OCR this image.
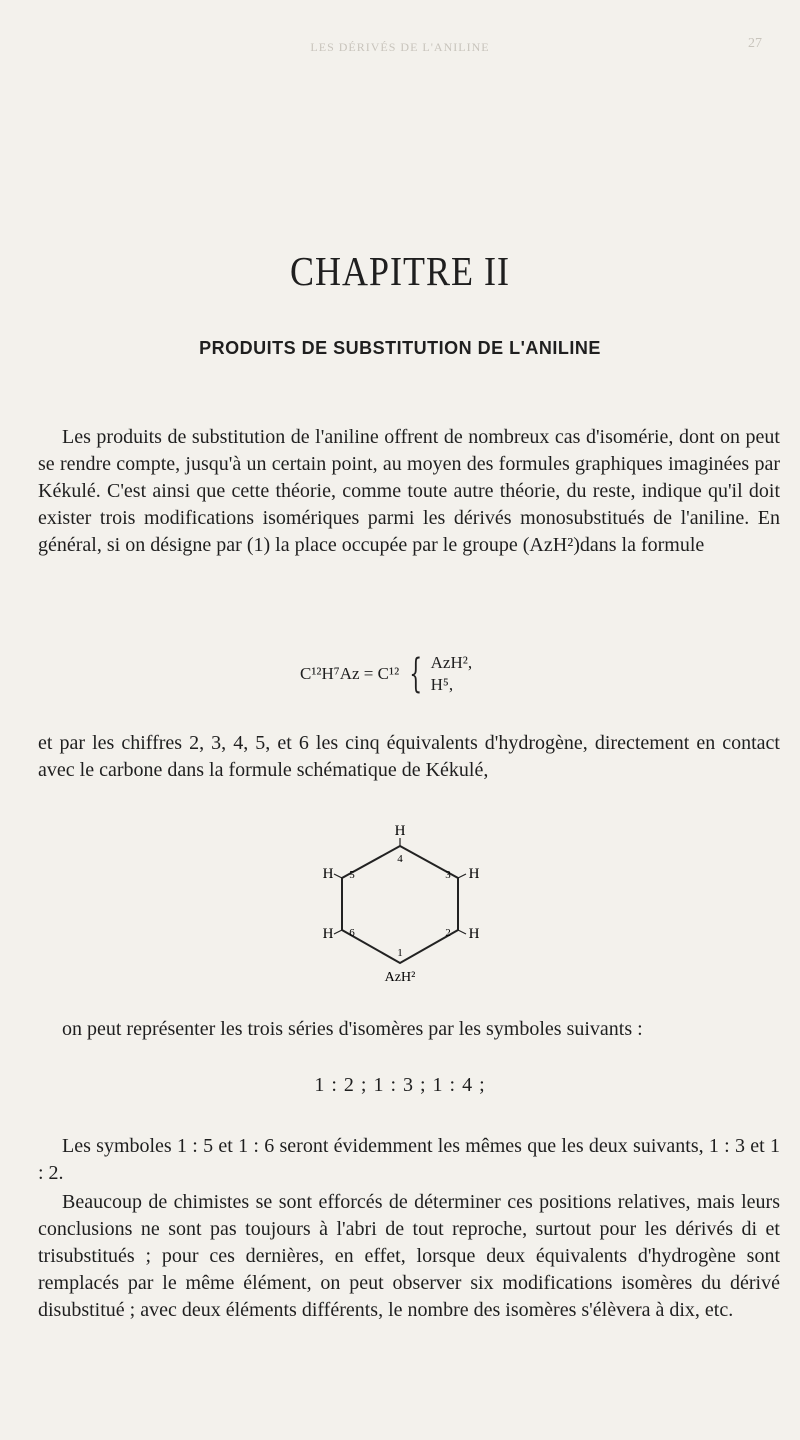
LES DÉRIVÉS DE L'ANILINE	27
CHAPITRE II
PRODUITS DE SUBSTITUTION DE L'ANILINE

Les produits de substitution de l'aniline offrent de nombreux cas d'isomérie, dont on peut se rendre compte, jusqu'à un certain point, au moyen des formules graphiques imaginées par Kékulé. C'est ainsi que cette théorie, comme toute autre théorie, du reste, indique qu'il doit exister trois modifications isomériques parmi les dérivés monosubstitués de l'aniline. En général, si on désigne par (1) la place occupée par le groupe (AzH²)dans la formule

C¹²H⁷Az = C¹² { AzH²,
H⁵,

et par les chiffres 2, 3, 4, 5, et 6 les cinq équivalents d'hydrogène, directement en contact avec le carbone dans la formule schématique de Kékulé,

H
4
H 5	3 H
H 6	2 H
1
AzH²

on peut représenter les trois séries d'isomères par les symboles suivants :

1 : 2 ; 1 : 3 ; 1 : 4 ;

Les symboles 1 : 5 et 1 : 6 seront évidemment les mêmes que les deux suivants, 1 : 3 et 1 : 2.

Beaucoup de chimistes se sont efforcés de déterminer ces positions relatives, mais leurs conclusions ne sont pas toujours à l'abri de tout reproche, surtout pour les dérivés di et trisubstitués ; pour ces dernières, en effet, lorsque deux équivalents d'hydrogène sont remplacés par le même élément, on peut observer six modifications isomères du dérivé disubstitué ; avec deux éléments différents, le nombre des isomères s'élèvera à dix, etc.
